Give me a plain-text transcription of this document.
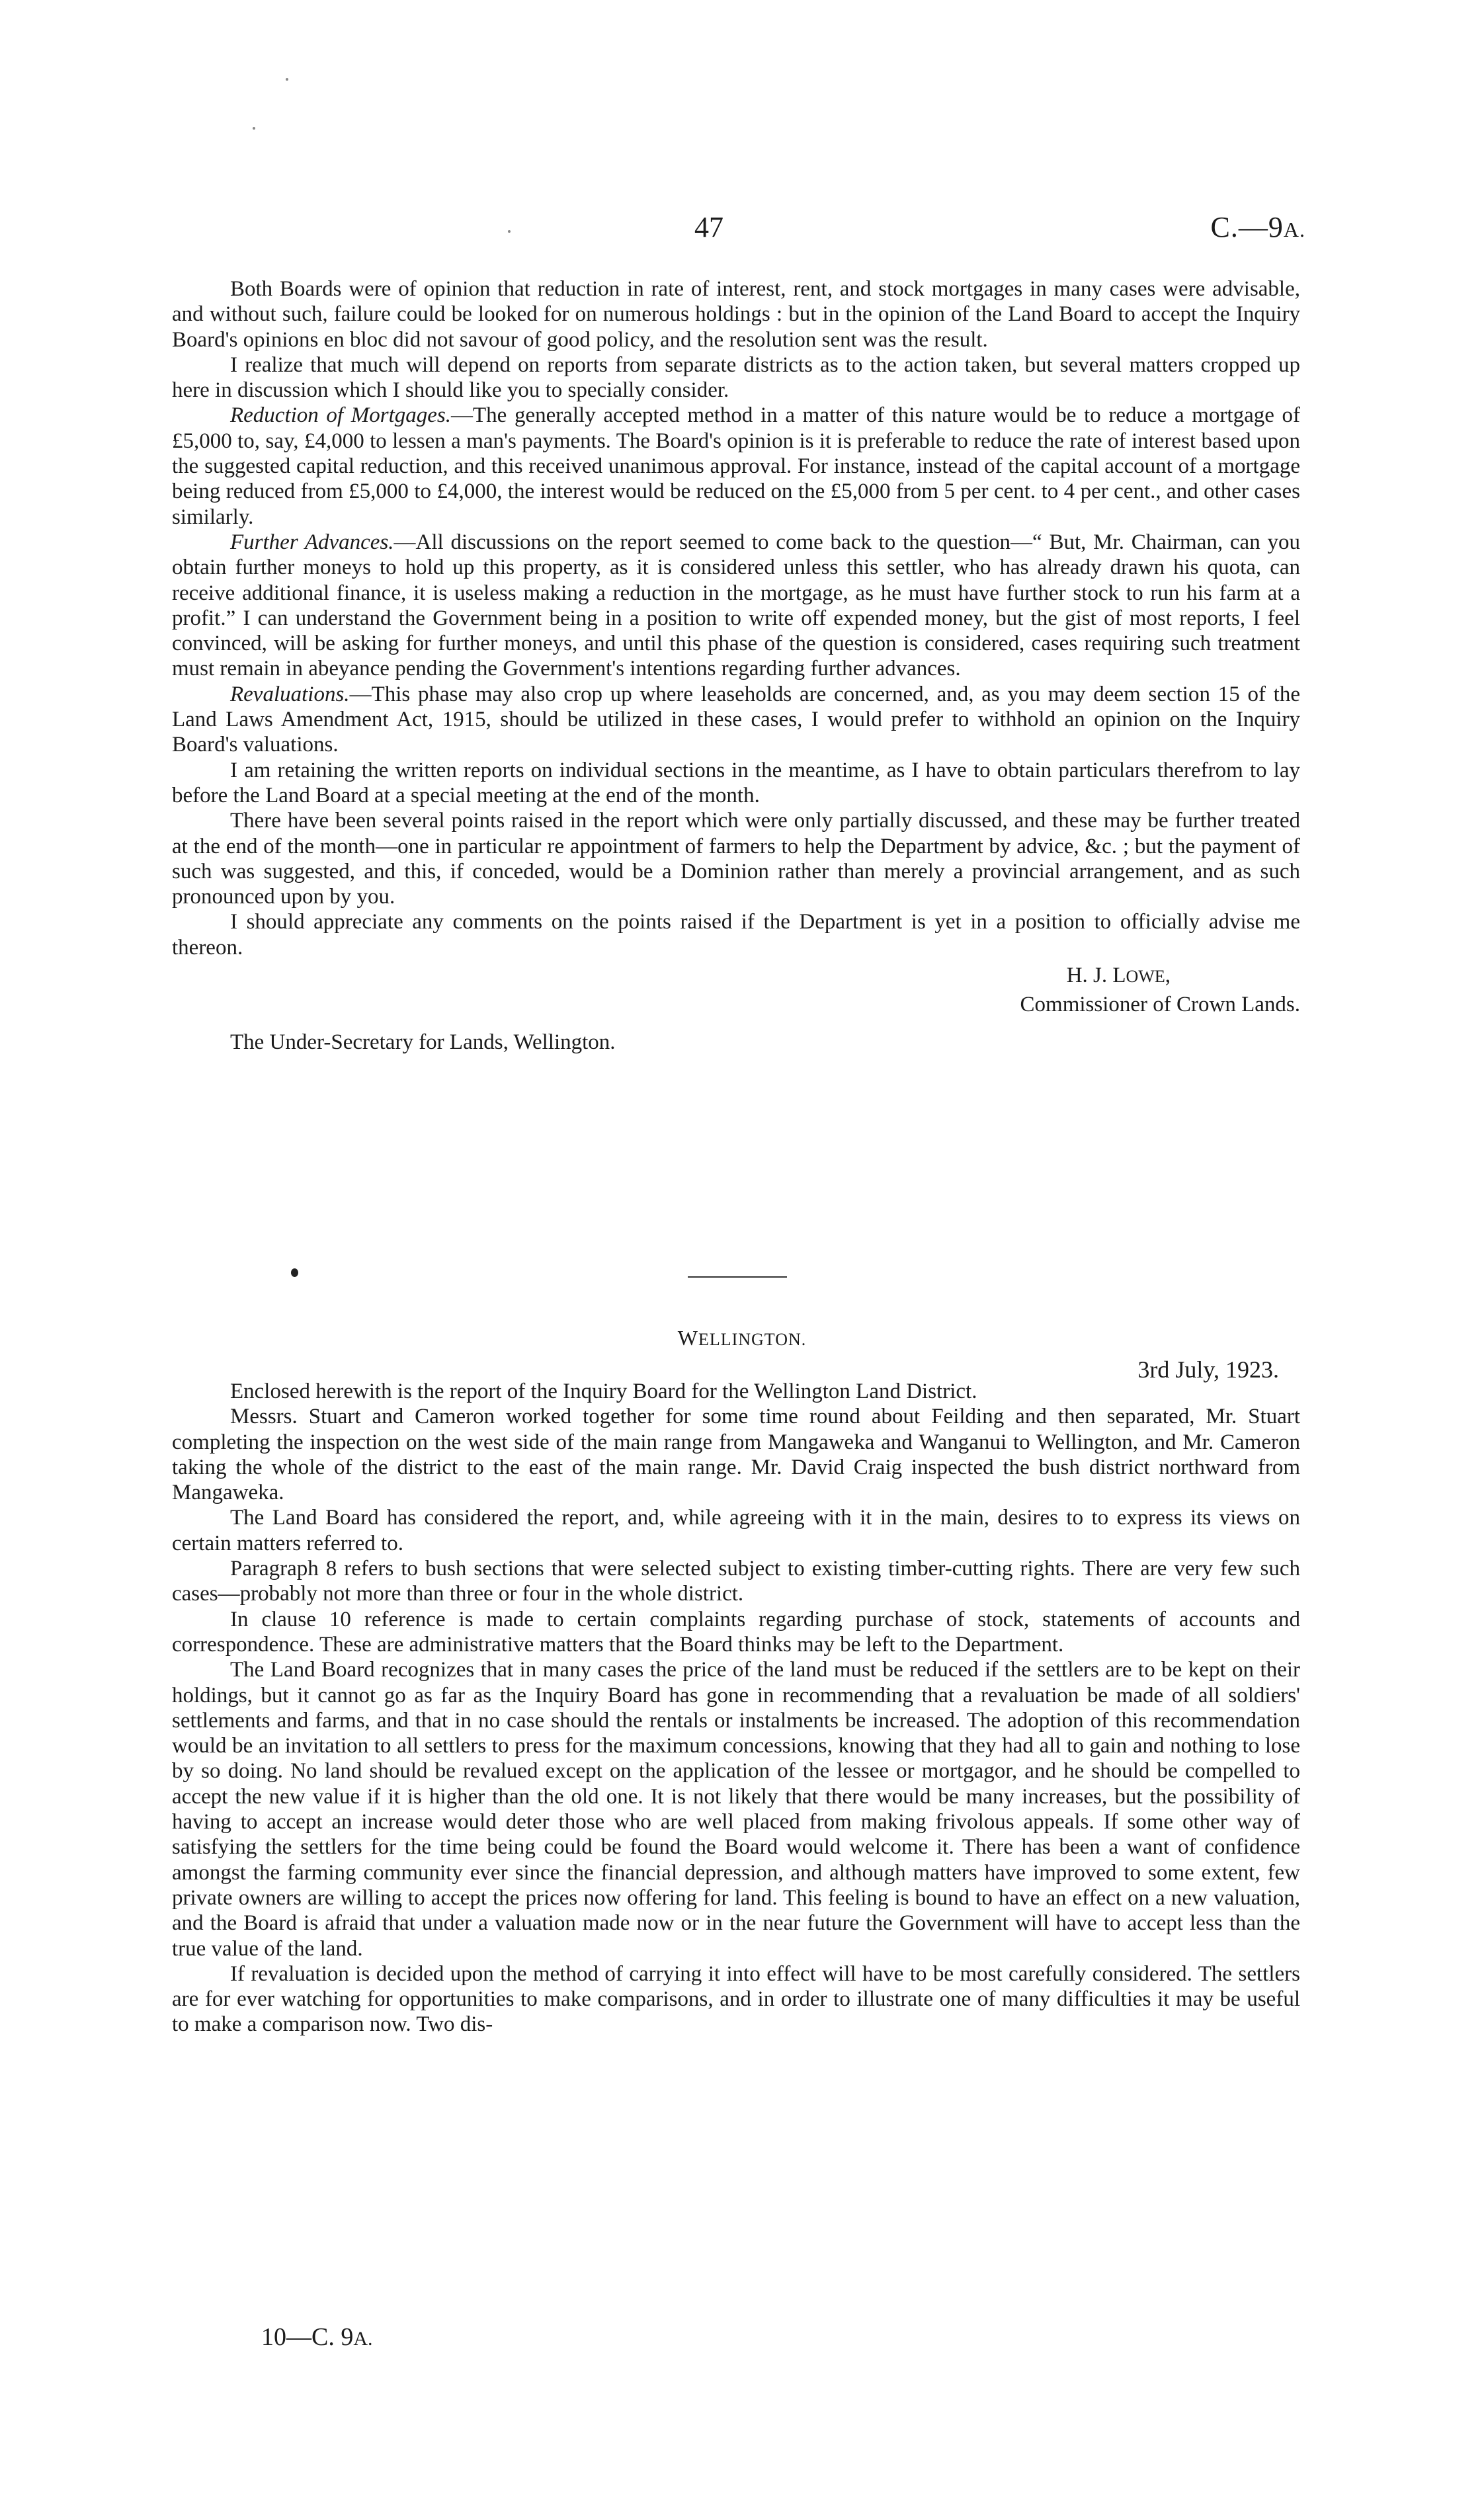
47	C.—9A.

Both Boards were of opinion that reduction in rate of interest, rent, and stock mortgages in many cases were advisable, and without such, failure could be looked for on numerous holdings : but in the opinion of the Land Board to accept the Inquiry Board's opinions en bloc did not savour of good policy, and the resolution sent was the result.

I realize that much will depend on reports from separate districts as to the action taken, but several matters cropped up here in discussion which I should like you to specially consider.

Reduction of Mortgages.—The generally accepted method in a matter of this nature would be to reduce a mortgage of £5,000 to, say, £4,000 to lessen a man's payments. The Board's opinion is it is preferable to reduce the rate of interest based upon the suggested capital reduction, and this received unanimous approval. For instance, instead of the capital account of a mortgage being reduced from £5,000 to £4,000, the interest would be reduced on the £5,000 from 5 per cent. to 4 per cent., and other cases similarly.

Further Advances.—All discussions on the report seemed to come back to the question—“ But, Mr. Chairman, can you obtain further moneys to hold up this property, as it is considered unless this settler, who has already drawn his quota, can receive additional finance, it is useless making a reduction in the mortgage, as he must have further stock to run his farm at a profit.” I can understand the Government being in a position to write off expended money, but the gist of most reports, I feel convinced, will be asking for further moneys, and until this phase of the question is considered, cases requiring such treatment must remain in abeyance pending the Government's intentions regarding further advances.

Revaluations.—This phase may also crop up where leaseholds are concerned, and, as you may deem section 15 of the Land Laws Amendment Act, 1915, should be utilized in these cases, I would prefer to withhold an opinion on the Inquiry Board's valuations.

I am retaining the written reports on individual sections in the meantime, as I have to obtain particulars therefrom to lay before the Land Board at a special meeting at the end of the month.

There have been several points raised in the report which were only partially discussed, and these may be further treated at the end of the month—one in particular re appointment of farmers to help the Department by advice, &c. ; but the payment of such was suggested, and this, if conceded, would be a Dominion rather than merely a provincial arrangement, and as such pronounced upon by you.

I should appreciate any comments on the points raised if the Department is yet in a position to officially advise me thereon.

H. J. LOWE,
Commissioner of Crown Lands.
The Under-Secretary for Lands, Wellington.
WELLINGTON.
3rd July, 1923.

Enclosed herewith is the report of the Inquiry Board for the Wellington Land District.

Messrs. Stuart and Cameron worked together for some time round about Feilding and then separated, Mr. Stuart completing the inspection on the west side of the main range from Mangaweka and Wanganui to Wellington, and Mr. Cameron taking the whole of the district to the east of the main range. Mr. David Craig inspected the bush district northward from Mangaweka.

The Land Board has considered the report, and, while agreeing with it in the main, desires to to express its views on certain matters referred to.

Paragraph 8 refers to bush sections that were selected subject to existing timber-cutting rights. There are very few such cases—probably not more than three or four in the whole district.

In clause 10 reference is made to certain complaints regarding purchase of stock, statements of accounts and correspondence. These are administrative matters that the Board thinks may be left to the Department.

The Land Board recognizes that in many cases the price of the land must be reduced if the settlers are to be kept on their holdings, but it cannot go as far as the Inquiry Board has gone in recommending that a revaluation be made of all soldiers' settlements and farms, and that in no case should the rentals or instalments be increased. The adoption of this recommendation would be an invitation to all settlers to press for the maximum concessions, knowing that they had all to gain and nothing to lose by so doing. No land should be revalued except on the application of the lessee or mortgagor, and he should be compelled to accept the new value if it is higher than the old one. It is not likely that there would be many increases, but the possibility of having to accept an increase would deter those who are well placed from making frivolous appeals. If some other way of satisfying the settlers for the time being could be found the Board would welcome it. There has been a want of confidence amongst the farming community ever since the financial depression, and although matters have improved to some extent, few private owners are willing to accept the prices now offering for land. This feeling is bound to have an effect on a new valuation, and the Board is afraid that under a valuation made now or in the near future the Government will have to accept less than the true value of the land.

If revaluation is decided upon the method of carrying it into effect will have to be most carefully considered. The settlers are for ever watching for opportunities to make comparisons, and in order to illustrate one of many difficulties it may be useful to make a comparison now. Two dis-

10—C. 9A.
